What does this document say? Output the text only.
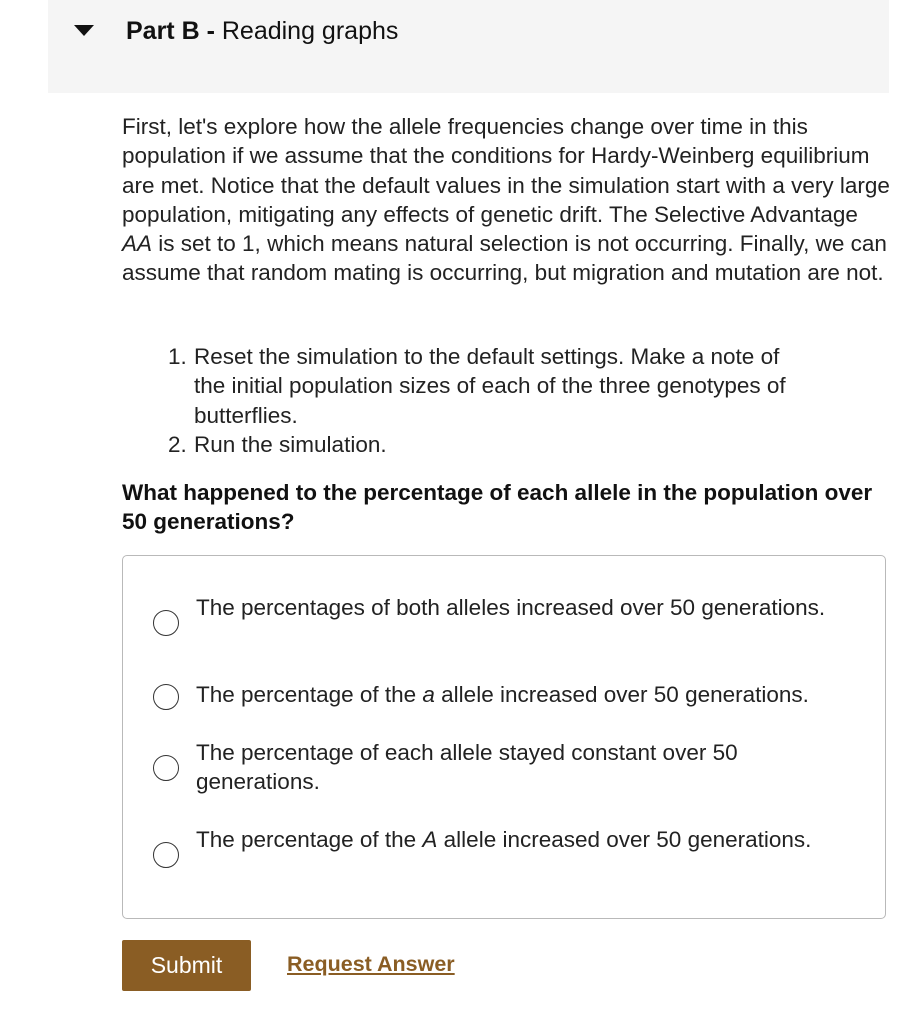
Part B - Reading graphs

First, let's explore how the allele frequencies change over time in this population if we assume that the conditions for Hardy-Weinberg equilibrium are met. Notice that the default values in the simulation start with a very large population, mitigating any effects of genetic drift. The Selective Advantage AA is set to 1, which means natural selection is not occurring. Finally, we can assume that random mating is occurring, but migration and mutation are not.

1. Reset the simulation to the default settings. Make a note of the initial population sizes of each of the three genotypes of butterflies.
2. Run the simulation.

What happened to the percentage of each allele in the population over 50 generations?

The percentages of both alleles increased over 50 generations.
The percentage of the a allele increased over 50 generations.
The percentage of each allele stayed constant over 50 generations.
The percentage of the A allele increased over 50 generations.
Submit	Request Answer
